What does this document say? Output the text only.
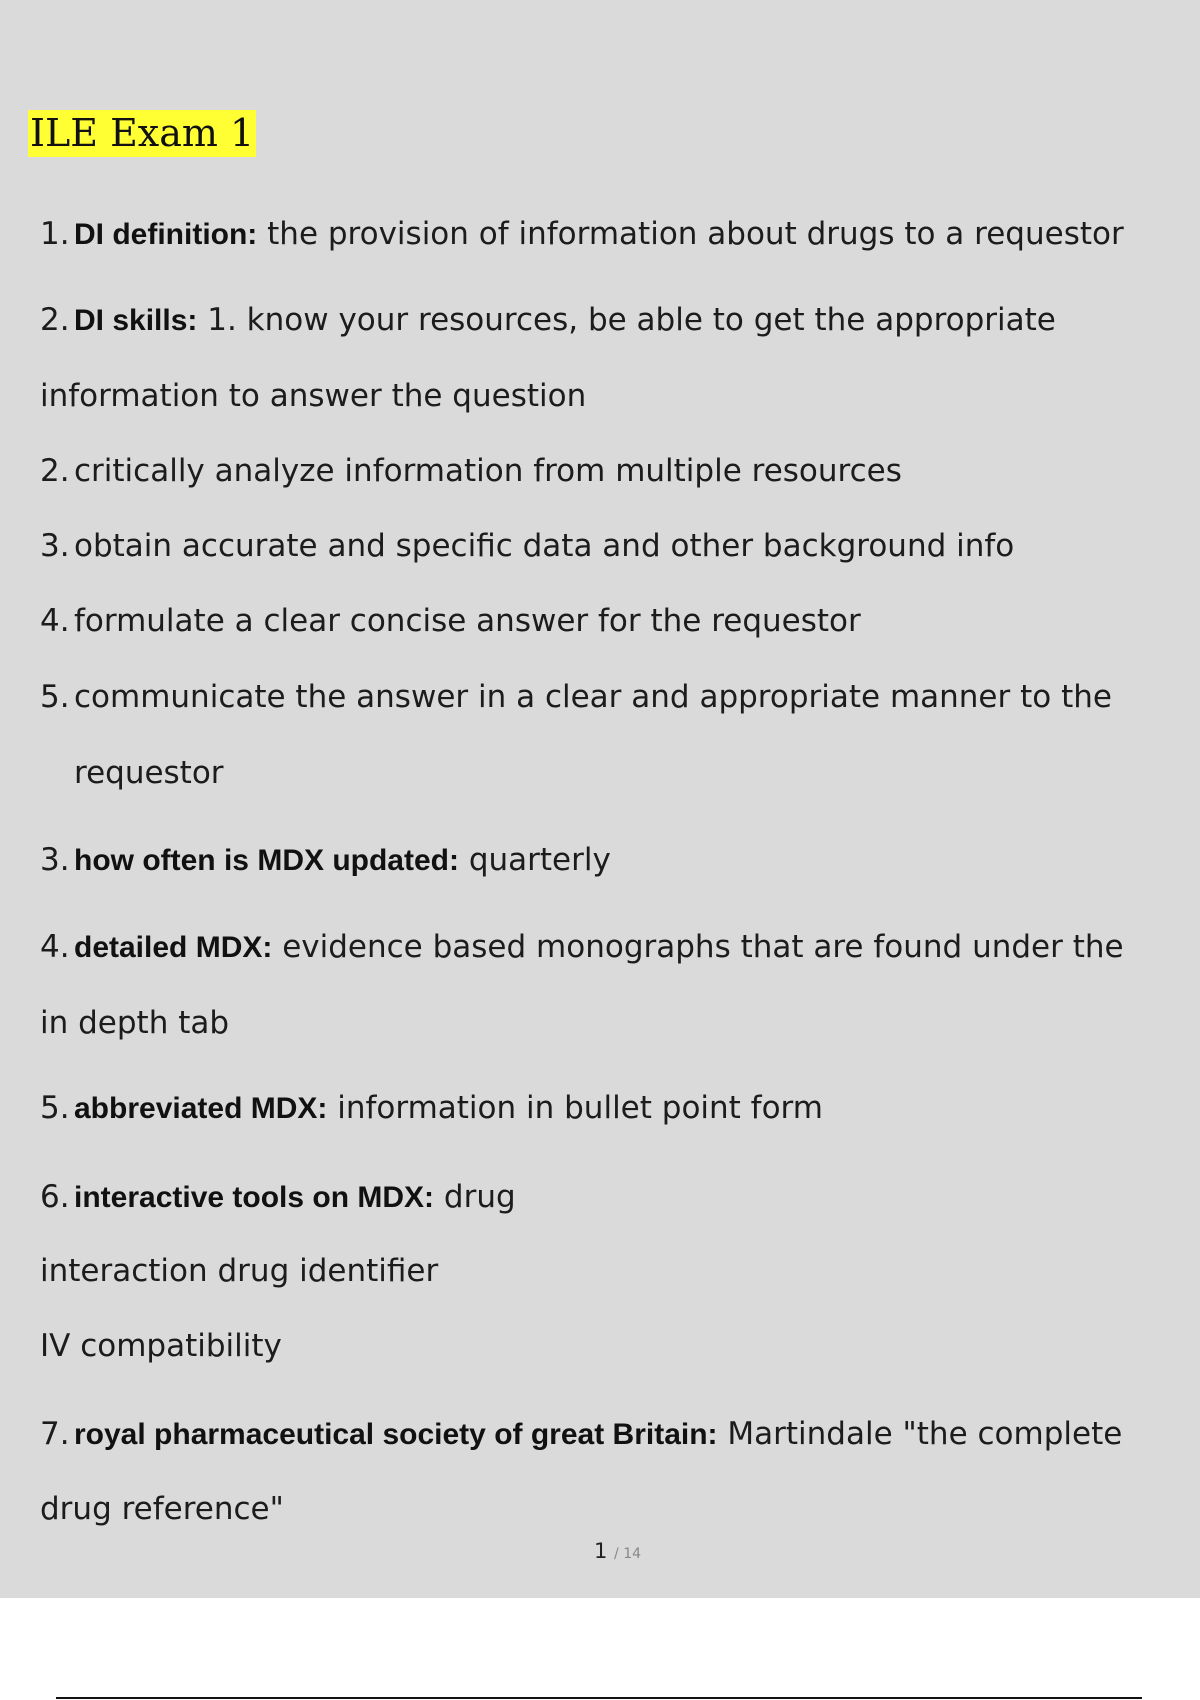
ILE Exam 1
1. DI definition: the provision of information about drugs to a requestor
2. DI skills: 1. know your resources, be able to get the appropriate
information to answer the question
2. critically analyze information from multiple resources
3. obtain accurate and specific data and other background info
4. formulate a clear concise answer for the requestor
5. communicate the answer in a clear and appropriate manner to the
requestor
3. how often is MDX updated: quarterly
4. detailed MDX: evidence based monographs that are found under the
in depth tab
5. abbreviated MDX: information in bullet point form
6. interactive tools on MDX: drug
interaction drug identifier
IV compatibility
7. royal pharmaceutical society of great Britain: Martindale "the complete
drug reference"
1 / 14
